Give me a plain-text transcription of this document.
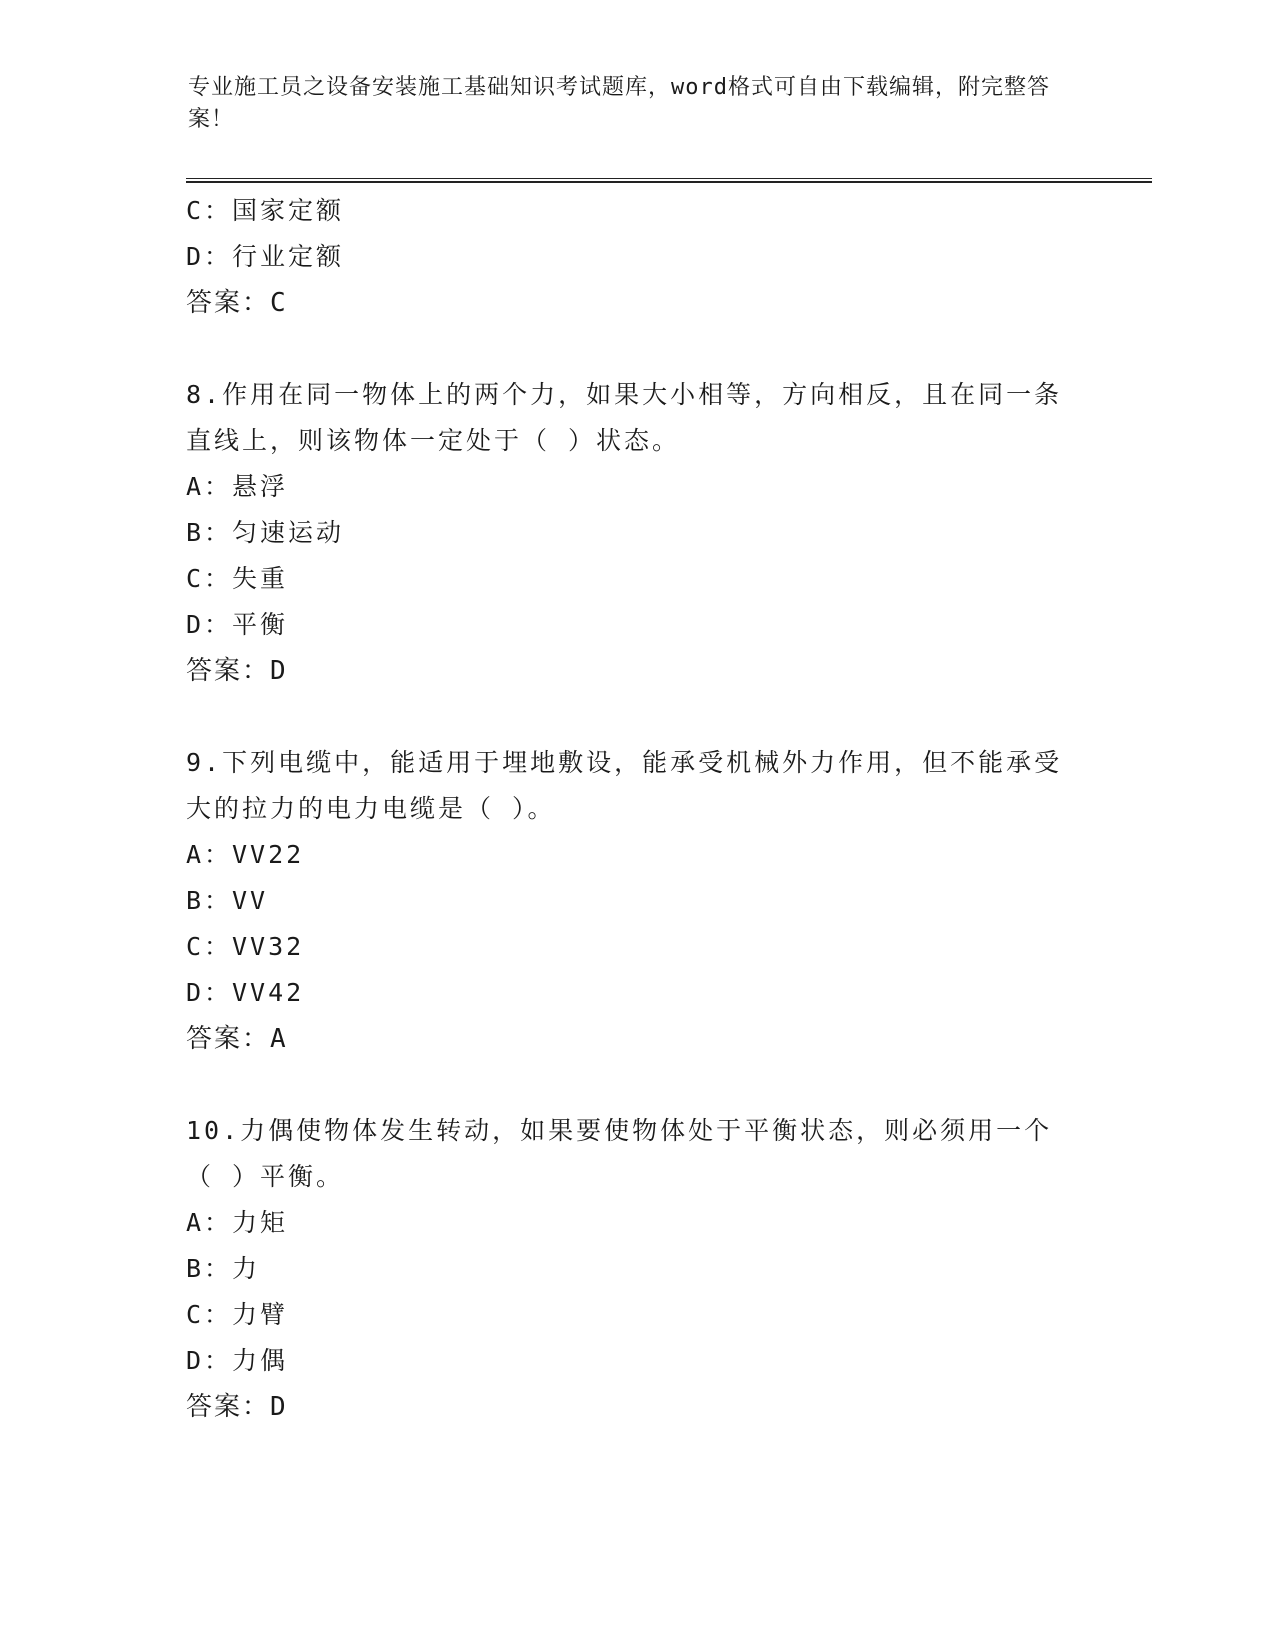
专业施工员之设备安装施工基础知识考试题库，word格式可自由下载编辑，附完整答案！

C：国家定额

D：行业定额

答案：C

8.作用在同一物体上的两个力，如果大小相等，方向相反，且在同一条直线上，则该物体一定处于（ ）状态。

A：悬浮

B：匀速运动

C：失重

D：平衡

答案：D

9.下列电缆中，能适用于埋地敷设，能承受机械外力作用，但不能承受大的拉力的电力电缆是（ ）。

A：VV22

B：VV

C：VV32

D：VV42

答案：A

10.力偶使物体发生转动，如果要使物体处于平衡状态，则必须用一个（ ）平衡。

A：力矩

B：力

C：力臂

D：力偶

答案：D
